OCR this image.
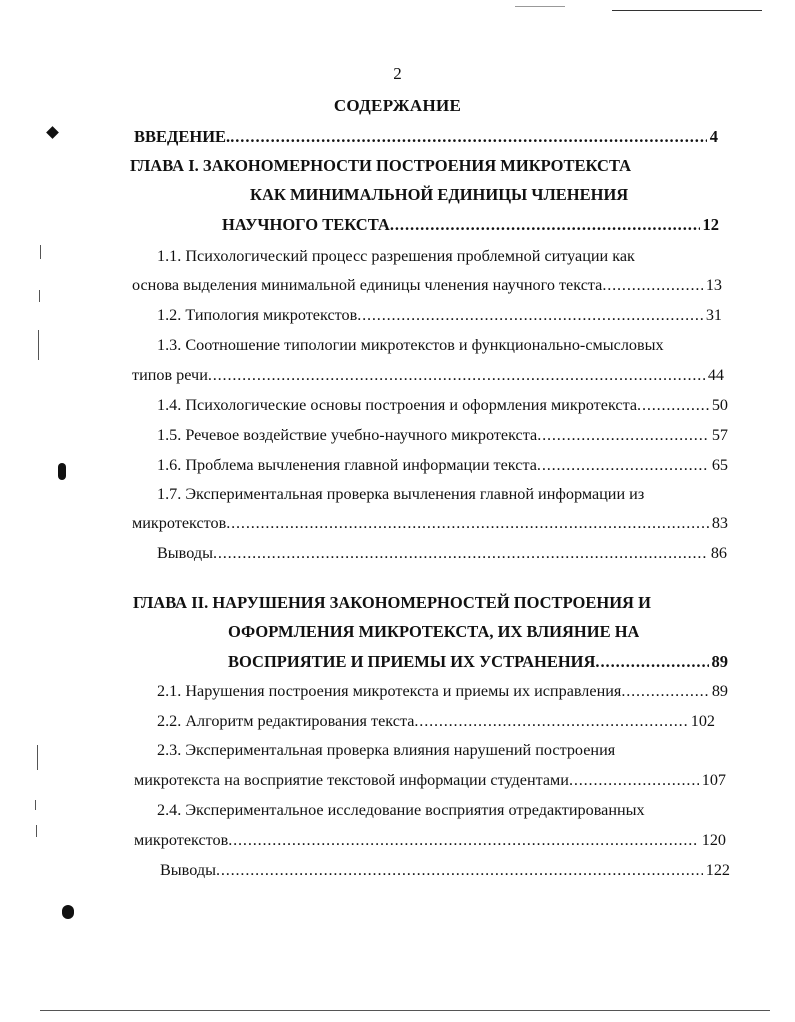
2
СОДЕРЖАНИЕ
ВВЕДЕНИЕ. . . .	4
ГЛАВА I. ЗАКОНОМЕРНОСТИ ПОСТРОЕНИЯ МИКРОТЕКСТА
КАК МИНИМАЛЬНОЙ ЕДИНИЦЫ ЧЛЕНЕНИЯ
НАУЧНОГО ТЕКСТА . . .	12
1.1. Психологический процесс разрешения проблемной ситуации как
основа выделения минимальной единицы членения научного текста . . .	13
1.2. Типология микротекстов . . .	31
1.3. Соотношение типологии микротекстов и функционально-смысловых
типов речи . . .	44
1.4. Психологические основы построения и оформления микротекста . . .	50
1.5. Речевое воздействие учебно-научного микротекста . . .	57
1.6. Проблема вычленения главной информации текста . . .	65
1.7. Экспериментальная проверка вычленения главной информации из
микротекстов . . .	83
Выводы . . .	86
ГЛАВА II. НАРУШЕНИЯ ЗАКОНОМЕРНОСТЕЙ ПОСТРОЕНИЯ И
ОФОРМЛЕНИЯ МИКРОТЕКСТА, ИХ ВЛИЯНИЕ НА
ВОСПРИЯТИЕ И ПРИЕМЫ ИХ УСТРАНЕНИЯ . . .	89
2.1. Нарушения построения микротекста и приемы их исправления . . .	89
2.2. Алгоритм редактирования текста . . .	102
2.3. Экспериментальная проверка влияния нарушений построения
микротекста на восприятие текстовой информации студентами . . .	107
2.4. Экспериментальное исследование восприятия отредактированных
микротекстов . . .	120
Выводы . . .	122
